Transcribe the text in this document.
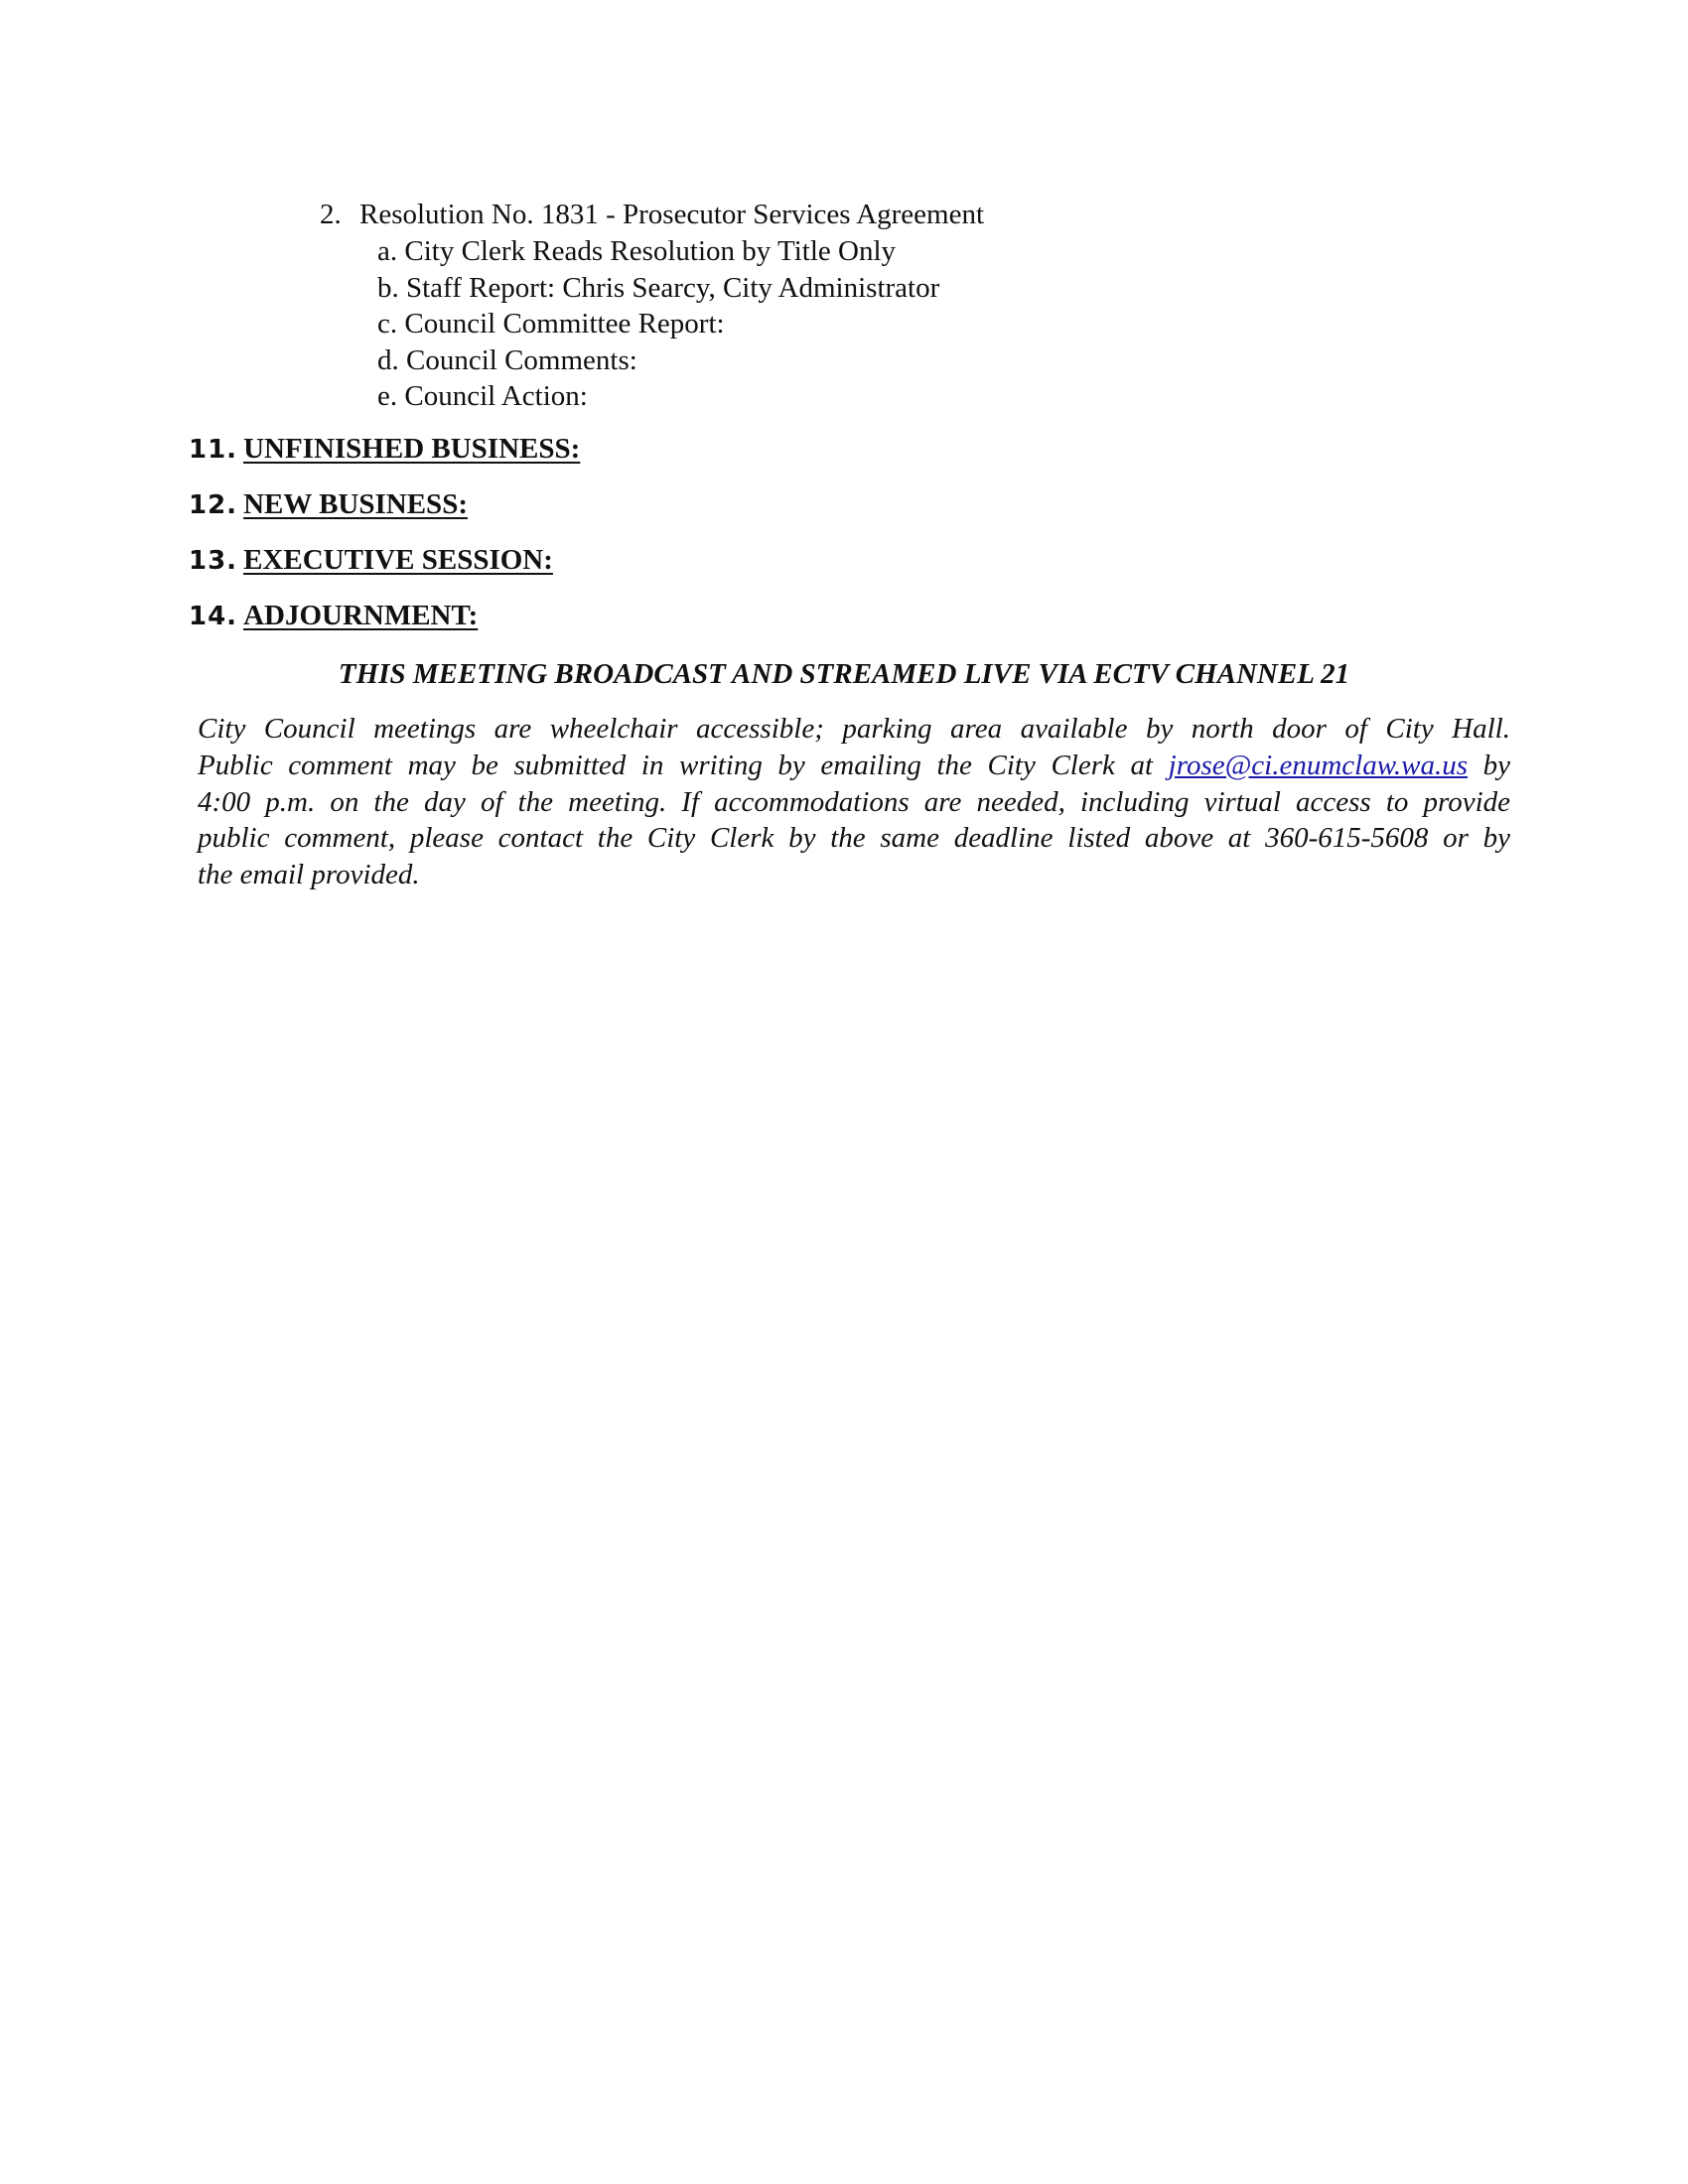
2. Resolution No. 1831 - Prosecutor Services Agreement
a. City Clerk Reads Resolution by Title Only
b. Staff Report: Chris Searcy, City Administrator
c. Council Committee Report:
d. Council Comments:
e. Council Action:
11. UNFINISHED BUSINESS:
12. NEW BUSINESS:
13. EXECUTIVE SESSION:
14. ADJOURNMENT:
THIS MEETING BROADCAST AND STREAMED LIVE VIA ECTV CHANNEL 21
City Council meetings are wheelchair accessible; parking area available by north door of City Hall.
Public comment may be submitted in writing by emailing the City Clerk at jrose@ci.enumclaw.wa.us by
4:00 p.m. on the day of the meeting. If accommodations are needed, including virtual access to provide
public comment, please contact the City Clerk by the same deadline listed above at 360-615-5608 or by
the email provided.
